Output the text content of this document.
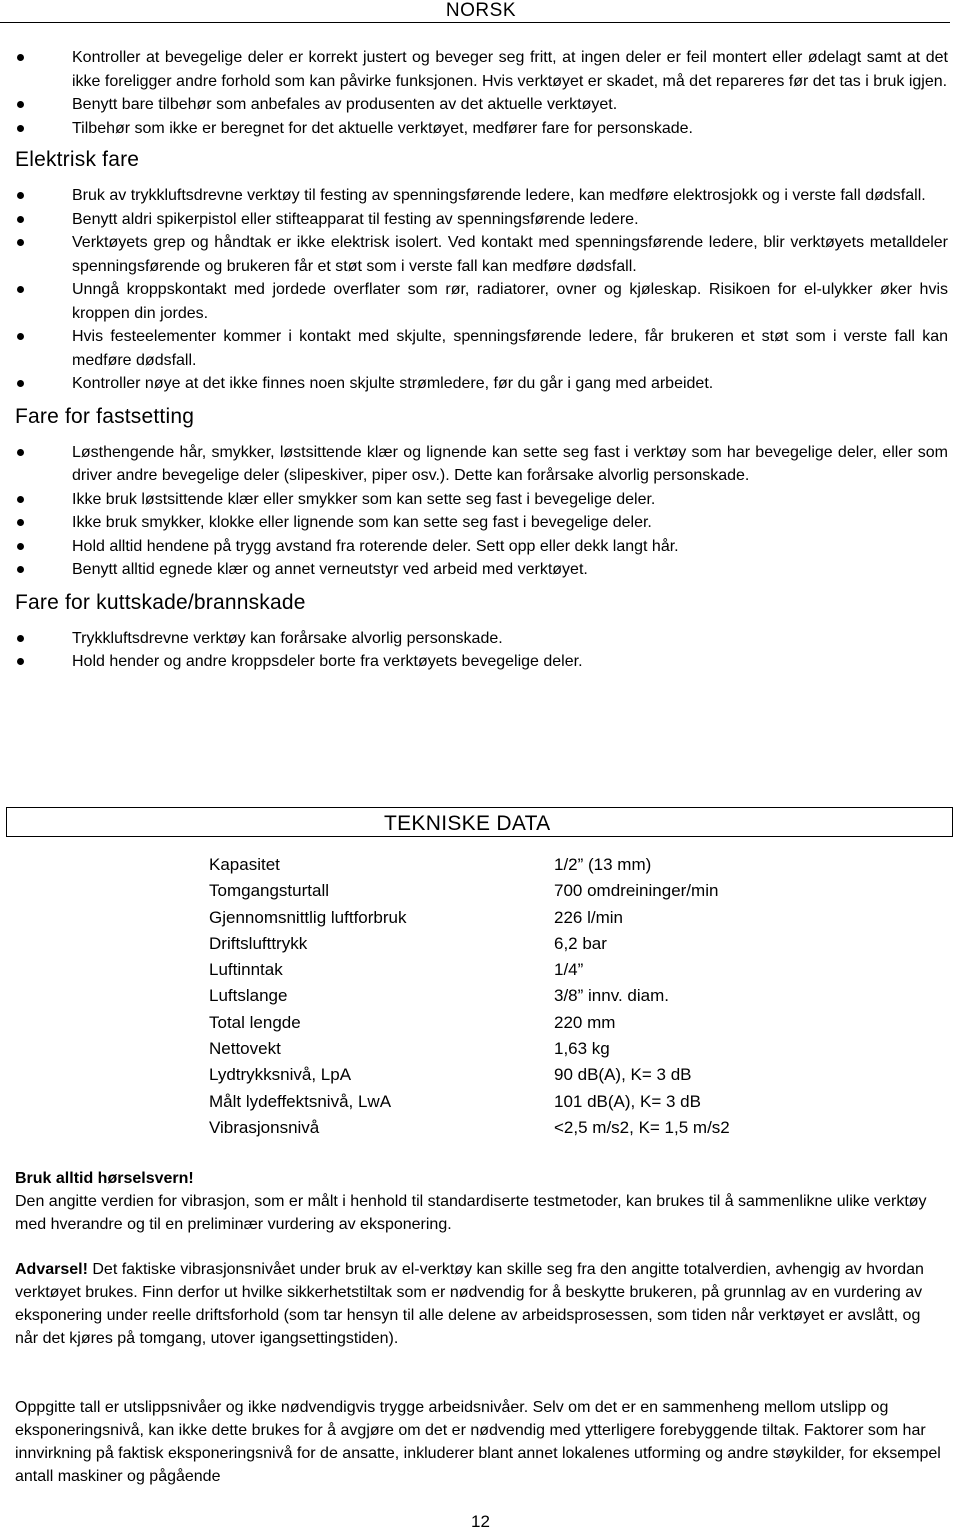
NORSK
Kontroller at bevegelige deler er korrekt justert og beveger seg fritt, at ingen deler er feil montert eller ødelagt samt at det ikke foreligger andre forhold som kan påvirke funksjonen. Hvis verktøyet er skadet, må det repareres før det tas i bruk igjen.
Benytt bare tilbehør som anbefales av produsenten av det aktuelle verktøyet.
Tilbehør som ikke er beregnet for det aktuelle verktøyet, medfører fare for personskade.
Elektrisk fare
Bruk av trykkluftsdrevne verktøy til festing av spenningsførende ledere, kan medføre elektrosjokk og i verste fall dødsfall.
Benytt aldri spikerpistol eller stifteapparat til festing av spenningsførende ledere.
Verktøyets grep og håndtak er ikke elektrisk isolert. Ved kontakt med spenningsførende ledere, blir verktøyets metalldeler spenningsførende og brukeren får et støt som i verste fall kan medføre dødsfall.
Unngå kroppskontakt med jordede overflater som rør, radiatorer, ovner og kjøleskap. Risikoen for el-ulykker øker hvis kroppen din jordes.
Hvis festeelementer kommer i kontakt med skjulte, spenningsførende ledere, får brukeren et støt som i verste fall kan medføre dødsfall.
Kontroller nøye at det ikke finnes noen skjulte strømledere, før du går i gang med arbeidet.
Fare for fastsetting
Løsthengende hår, smykker, løstsittende klær og lignende kan sette seg fast i verktøy som har bevegelige deler, eller som driver andre bevegelige deler (slipeskiver, piper osv.). Dette kan forårsake alvorlig personskade.
Ikke bruk løstsittende klær eller smykker som kan sette seg fast i bevegelige deler.
Ikke bruk smykker, klokke eller lignende som kan sette seg fast i bevegelige deler.
Hold alltid hendene på trygg avstand fra roterende deler. Sett opp eller dekk langt hår.
Benytt alltid egnede klær og annet verneutstyr ved arbeid med verktøyet.
Fare for kuttskade/brannskade
Trykkluftsdrevne verktøy kan forårsake alvorlig personskade.
Hold hender og andre kroppsdeler borte fra verktøyets bevegelige deler.
TEKNISKE DATA
Kapasitet	1/2” (13 mm)
Tomgangsturtall	700 omdreininger/min
Gjennomsnittlig luftforbruk	226 l/min
Driftslufttrykk	6,2 bar
Luftinntak	1/4”
Luftslange	3/8” innv. diam.
Total lengde	220 mm
Nettovekt	1,63 kg
Lydtrykksnivå, LpA	90 dB(A), K= 3 dB
Målt lydeffektsnivå, LwA	101 dB(A), K= 3 dB
Vibrasjonsnivå	<2,5 m/s2, K= 1,5 m/s2
Bruk alltid hørselsvern!
Den angitte verdien for vibrasjon, som er målt i henhold til standardiserte testmetoder, kan brukes til å sammenlikne ulike verktøy med hverandre og til en preliminær vurdering av eksponering.
Advarsel! Det faktiske vibrasjonsnivået under bruk av el-verktøy kan skille seg fra den angitte totalverdien, avhengig av hvordan verktøyet brukes. Finn derfor ut hvilke sikkerhetstiltak som er nødvendig for å beskytte brukeren, på grunnlag av en vurdering av eksponering under reelle driftsforhold (som tar hensyn til alle delene av arbeidsprosessen, som tiden når verktøyet er avslått, og når det kjøres på tomgang, utover igangsettingstiden).
Oppgitte tall er utslippsnivåer og ikke nødvendigvis trygge arbeidsnivåer. Selv om det er en sammenheng mellom utslipp og eksponeringsnivå, kan ikke dette brukes for å avgjøre om det er nødvendig med ytterligere forebyggende tiltak. Faktorer som har innvirkning på faktisk eksponeringsnivå for de ansatte, inkluderer blant annet lokalenes utforming og andre støykilder, for eksempel antall maskiner og pågående
12
